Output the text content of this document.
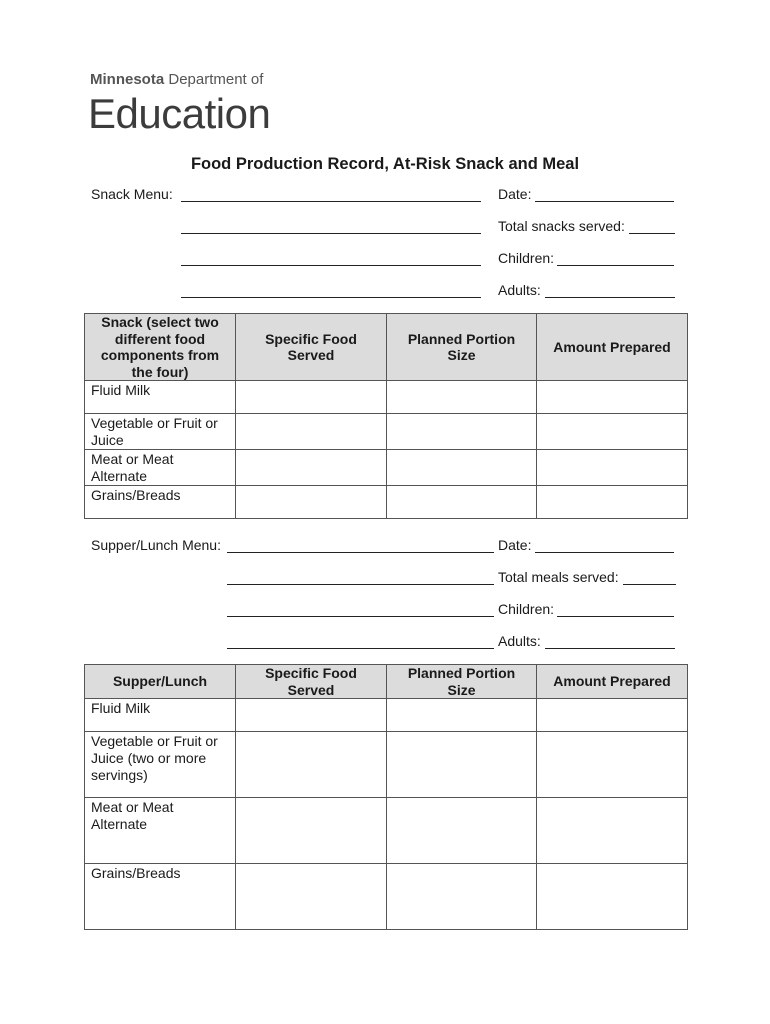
Minnesota Department of
Education
Food Production Record, At-Risk Snack and Meal
Snack Menu:	Date:
Total snacks served:
Children:
Adults:
Snack (select two different food components from the four)	Specific Food Served	Planned Portion Size	Amount Prepared
Fluid Milk			
Vegetable or Fruit or Juice			
Meat or Meat Alternate			
Grains/Breads			
Supper/Lunch Menu:	Date:
Total meals served:
Children:
Adults:
Supper/Lunch	Specific Food Served	Planned Portion Size	Amount Prepared
Fluid Milk			
Vegetable or Fruit or Juice (two or more servings)			
Meat or Meat Alternate			
Grains/Breads			
